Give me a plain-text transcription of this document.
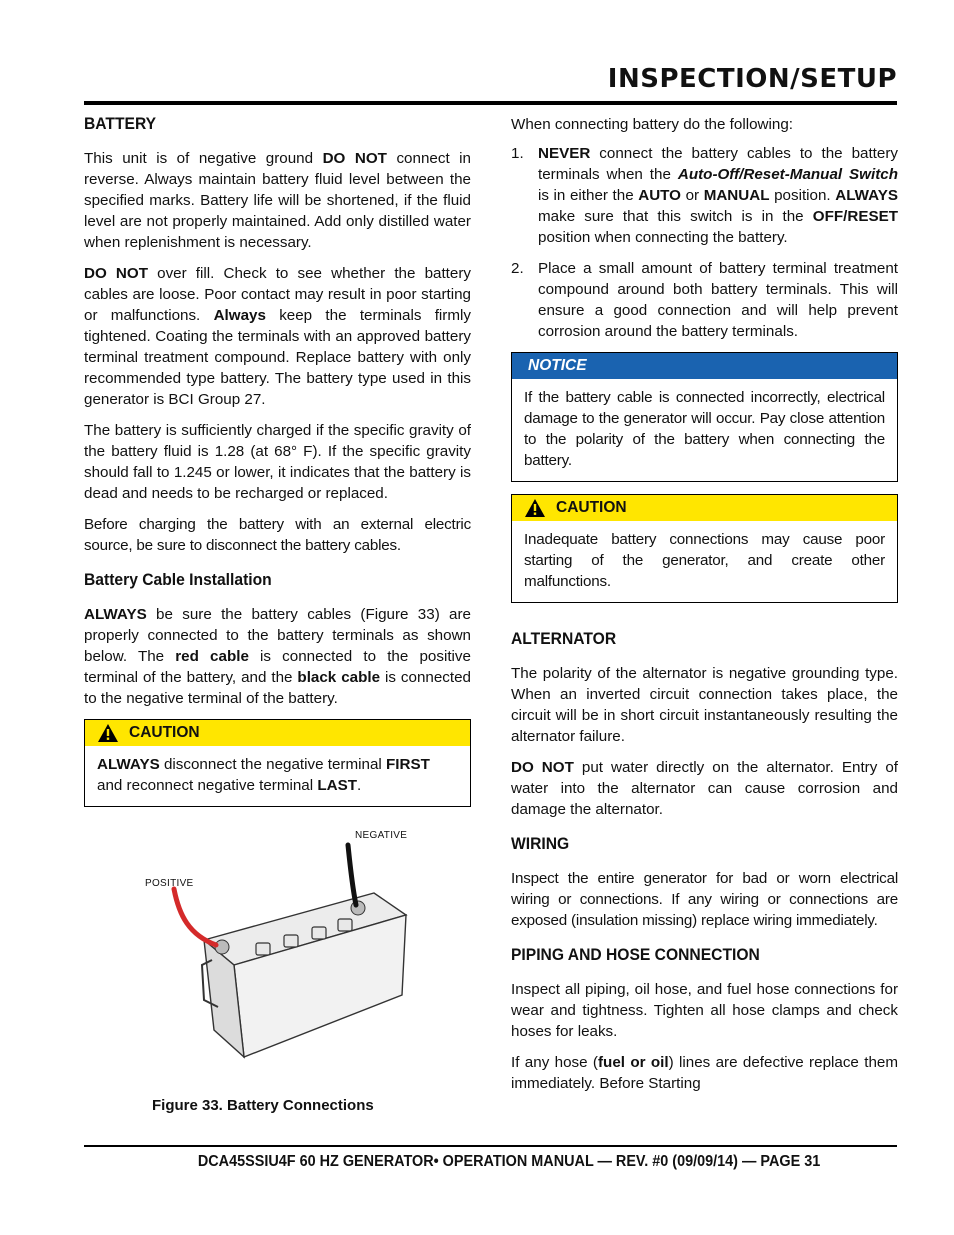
INSPECTION/SETUP
BATTERY

This unit is of negative ground DO NOT connect in reverse. Always maintain battery fluid level between the specified marks. Battery life will be shortened, if the fluid level are not properly maintained. Add only distilled water when replenishment is necessary.

DO NOT over fill. Check to see whether the battery cables are loose. Poor contact may result in poor starting or malfunctions. Always keep the terminals firmly tightened. Coating the terminals with an approved battery terminal treatment compound. Replace battery with only recommended type battery. The battery type used in this generator is BCI Group 27.

The battery is sufficiently charged if the specific gravity of the battery fluid is 1.28 (at 68° F). If the specific gravity should fall to 1.245 or lower, it indicates that the battery is dead and needs to be recharged or replaced.

Before charging the battery with an external electric source, be sure to disconnect the battery cables.

Battery Cable Installation

ALWAYS be sure the battery cables (Figure 33) are properly connected to the battery terminals as shown below. The red cable is connected to the positive terminal of the battery, and the black cable is connected to the negative terminal of the battery.

CAUTION

ALWAYS disconnect the negative terminal FIRST and reconnect negative terminal LAST.

NEGATIVE
POSITIVE
Figure 33. Battery Connections

When connecting battery do the following:

1. NEVER connect the battery cables to the battery terminals when the Auto-Off/Reset-Manual Switch is in either the AUTO or MANUAL position. ALWAYS make sure that this switch is in the OFF/RESET position when connecting the battery.
2. Place a small amount of battery terminal treatment compound around both battery terminals. This will ensure a good connection and will help prevent corrosion around the battery terminals.
NOTICE

If the battery cable is connected incorrectly, electrical damage to the generator will occur. Pay close attention to the polarity of the battery when connecting the battery.

CAUTION

Inadequate battery connections may cause poor starting of the generator, and create other malfunctions.

ALTERNATOR

The polarity of the alternator is negative grounding type. When an inverted circuit connection takes place, the circuit will be in short circuit instantaneously resulting the alternator failure.

DO NOT put water directly on the alternator. Entry of water into the alternator can cause corrosion and damage the alternator.

WIRING

Inspect the entire generator for bad or worn electrical wiring or connections. If any wiring or connections are exposed (insulation missing) replace wiring immediately.

PIPING AND HOSE CONNECTION

Inspect all piping, oil hose, and fuel hose connections for wear and tightness. Tighten all hose clamps and check hoses for leaks.

If any hose (fuel or oil) lines are defective replace them immediately. Before Starting

DCA45SSIU4F 60 HZ GENERATOR• OPERATION MANUAL — REV. #0 (09/09/14) — PAGE 31
